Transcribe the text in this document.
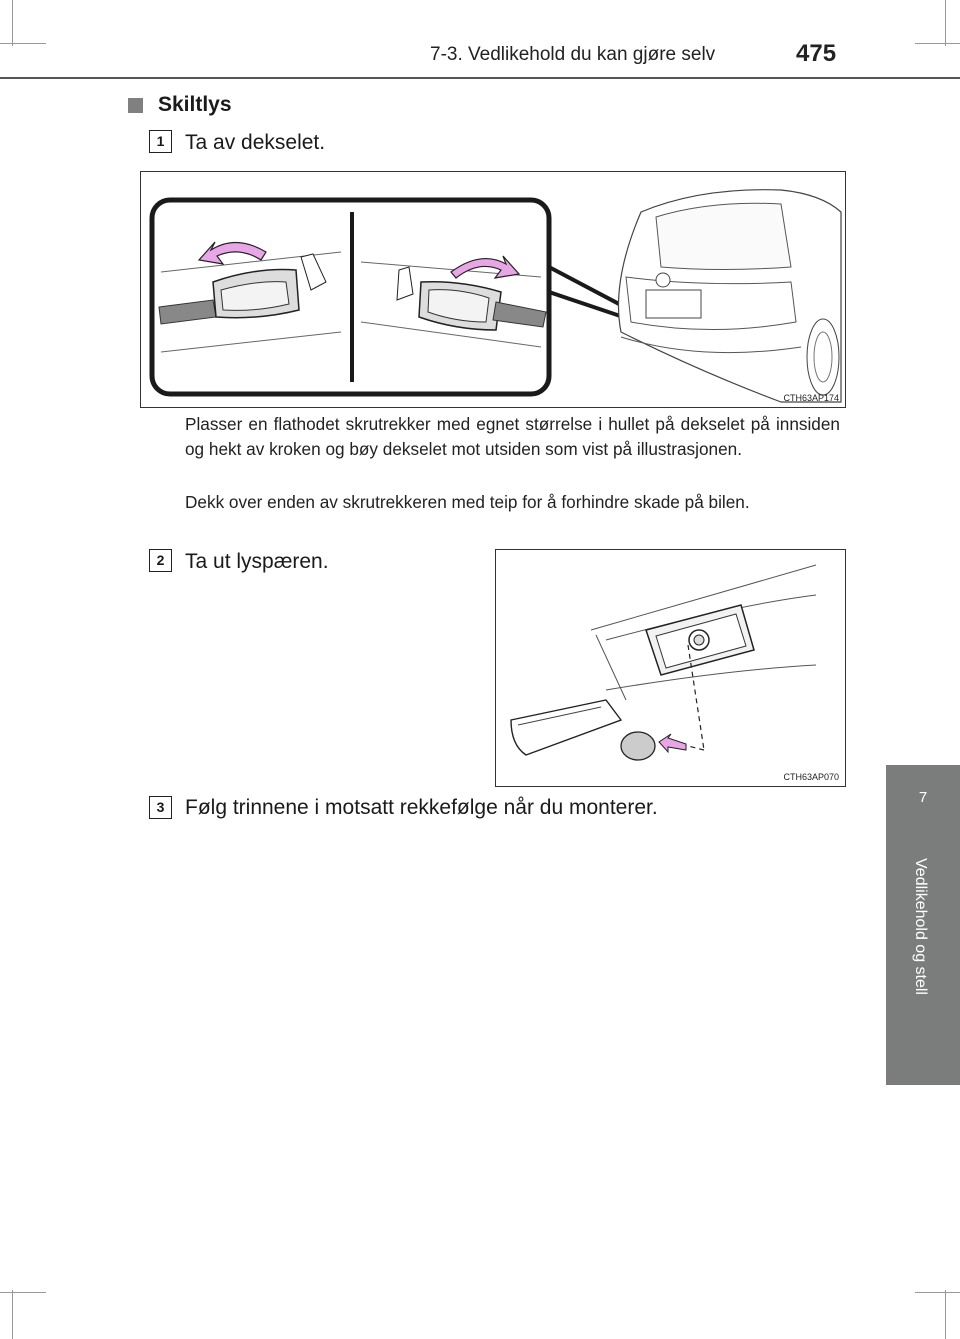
7-3. Vedlikehold du kan gjøre selv	475
7
Vedlikehold og stell
Skiltlys
1 Ta av dekselet.
CTH63AP174
Plasser en flathodet skrutrekker med egnet størrelse i hullet på dekselet på innsiden og hekt av kroken og bøy dekselet mot utsiden som vist på illustrasjonen.
Dekk over enden av skrutrekkeren med teip for å forhindre skade på bilen.
2 Ta ut lyspæren.
CTH63AP070
3 Følg trinnene i motsatt rekkefølge når du monterer.
